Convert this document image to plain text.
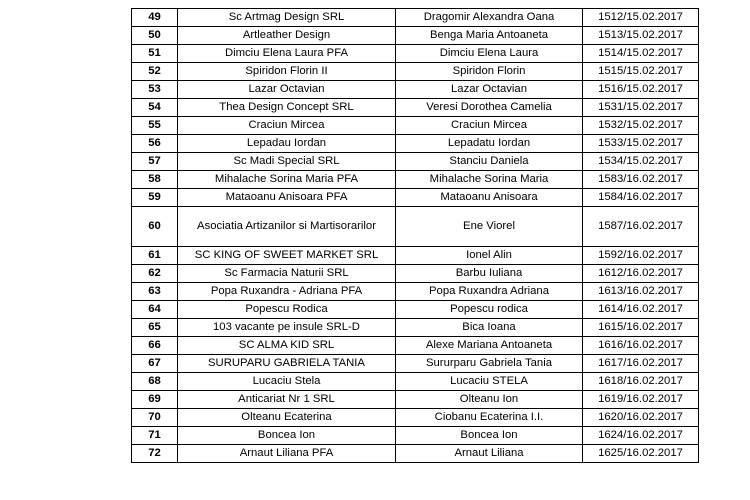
49	Sc Artmag Design SRL	Dragomir Alexandra Oana	1512/15.02.2017
50	Artleather Design	Benga Maria Antoaneta	1513/15.02.2017
51	Dimciu Elena Laura PFA	Dimciu Elena Laura	1514/15.02.2017
52	Spiridon Florin II	Spiridon Florin	1515/15.02.2017
53	Lazar Octavian	Lazar Octavian	1516/15.02.2017
54	Thea Design Concept SRL	Veresi Dorothea Camelia	1531/15.02.2017
55	Craciun Mircea	Craciun Mircea	1532/15.02.2017
56	Lepadau Iordan	Lepadatu Iordan	1533/15.02.2017
57	Sc Madi Special SRL	Stanciu Daniela	1534/15.02.2017
58	Mihalache Sorina Maria PFA	Mihalache Sorina Maria	1583/16.02.2017
59	Mataoanu Anisoara PFA	Mataoanu Anisoara	1584/16.02.2017
60	Asociatia Artizanilor si Martisorarilor	Ene Viorel	1587/16.02.2017
61	SC KING OF SWEET MARKET SRL	Ionel Alin	1592/16.02.2017
62	Sc Farmacia Naturii SRL	Barbu Iuliana	1612/16.02.2017
63	Popa Ruxandra - Adriana PFA	Popa Ruxandra Adriana	1613/16.02.2017
64	Popescu Rodica	Popescu rodica	1614/16.02.2017
65	103 vacante pe insule SRL-D	Bica Ioana	1615/16.02.2017
66	SC ALMA KID SRL	Alexe Mariana Antoaneta	1616/16.02.2017
67	SURUPARU GABRIELA TANIA	Sururparu Gabriela Tania	1617/16.02.2017
68	Lucaciu Stela	Lucaciu STELA	1618/16.02.2017
69	Anticariat Nr 1 SRL	Olteanu Ion	1619/16.02.2017
70	Olteanu Ecaterina	Ciobanu Ecaterina I.I.	1620/16.02.2017
71	Boncea Ion	Boncea Ion	1624/16.02.2017
72	Arnaut Liliana PFA	Arnaut Liliana	1625/16.02.2017
